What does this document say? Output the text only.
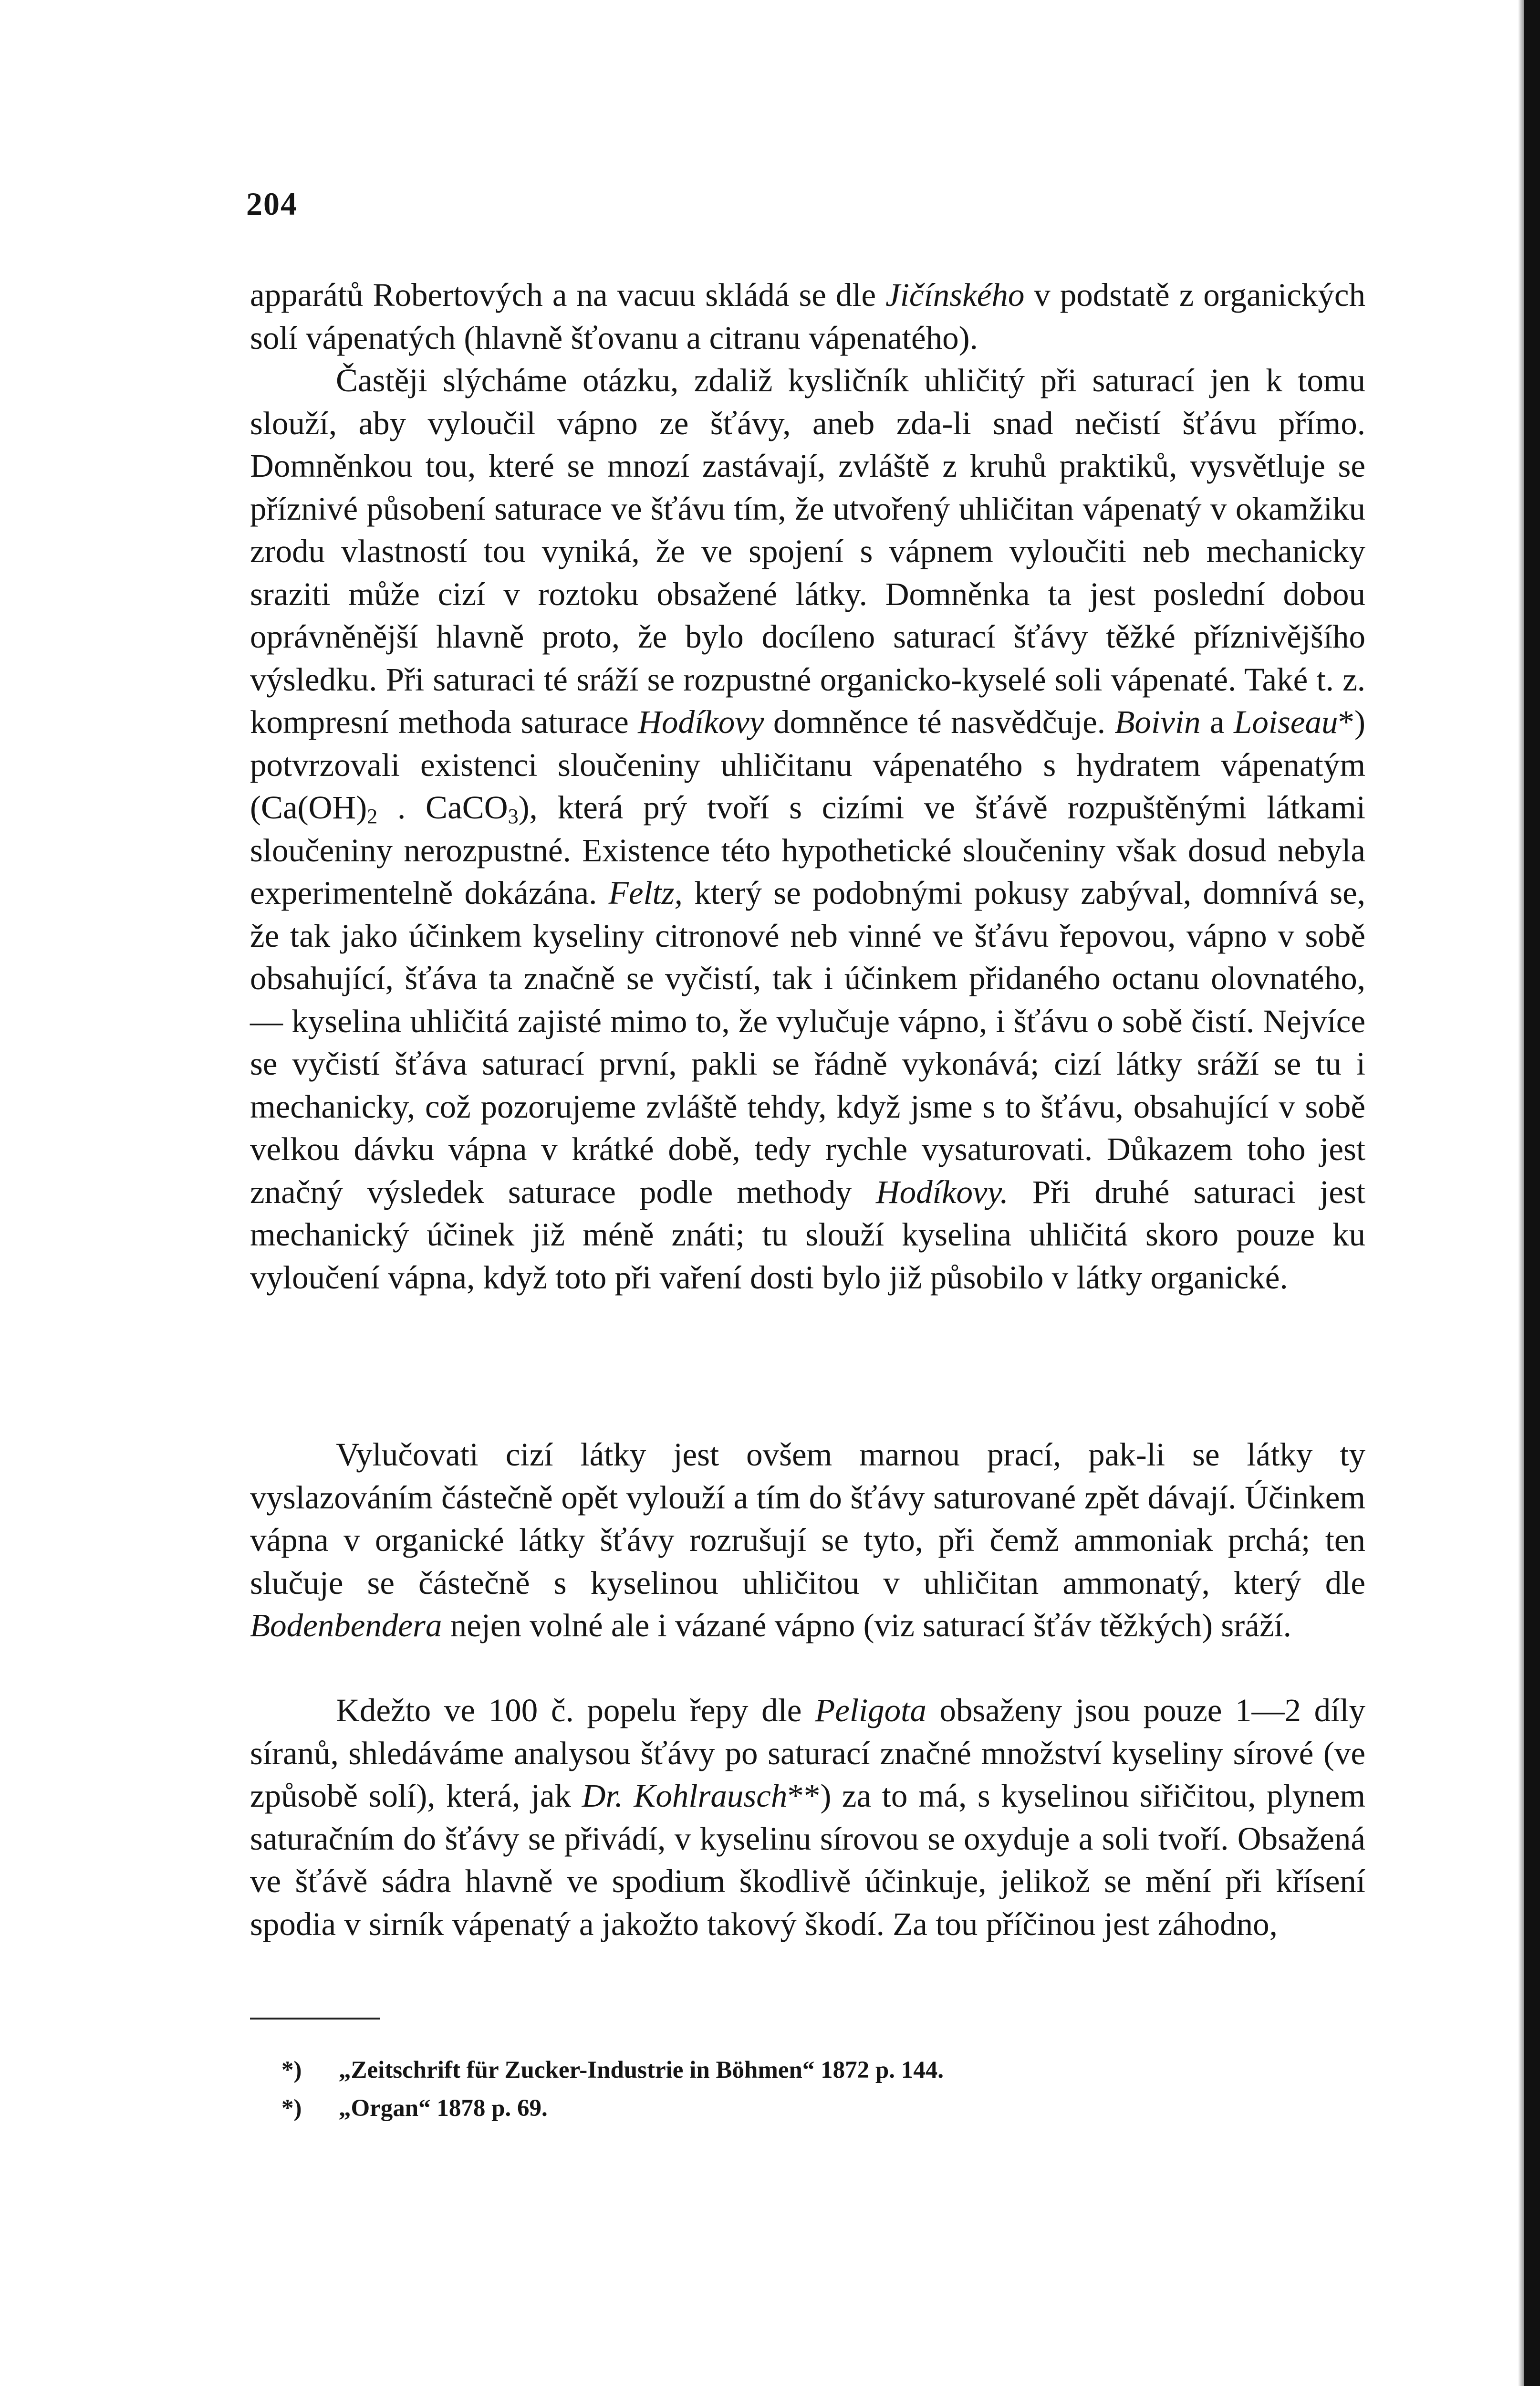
204

apparátů Robertových a na vacuu skládá se dle Jičínského v podstatě z organických solí vápenatých (hlavně šťovanu a citranu vápenatého).

Častěji slýcháme otázku, zdaliž kysličník uhličitý při saturací jen k tomu slouží, aby vyloučil vápno ze šťávy, aneb zda-li snad nečistí šťávu přímo. Domněnkou tou, které se mnozí zastávají, zvláště z kruhů praktiků, vysvětluje se příznivé působení saturace ve šťávu tím, že utvořený uhličitan vápenatý v okamžiku zrodu vlastností tou vyniká, že ve spojení s vápnem vyloučiti neb mechanicky sraziti může cizí v roztoku obsažené látky. Domněnka ta jest poslední dobou oprávněnější hlavně proto, že bylo docíleno saturací šťávy těžké příznivějšího výsledku. Při saturaci té sráží se rozpustné organicko-kyselé soli vápenaté. Také t. z. kompresní methoda saturace Hodíkovy domněnce té nasvědčuje. Boivin a Loiseau*) potvrzovali existenci sloučeniny uhličitanu vápenatého s hydratem vápenatým ($Ca(OH)_2$ . CaCO$_3$), která prý tvoří s cizími ve šťávě rozpuštěnými látkami sloučeniny nerozpustné. Existence této hypothetické sloučeniny však dosud nebyla experimentelně dokázána. Feltz, který se podobnými pokusy zabýval, domnívá se, že tak jako účinkem kyseliny citronové neb vinné ve šťávu řepovou, vápno v sobě obsahující, šťáva ta značně se vyčistí, tak i účinkem přidaného octanu olovnatého, — kyselina uhličitá zajisté mimo to, že vylučuje vápno, i šťávu o sobě čistí. Nejvíce se vyčistí šťáva saturací první, pakli se řádně vykonává; cizí látky sráží se tu i mechanicky, což pozorujeme zvláště tehdy, když jsme s to šťávu, obsahující v sobě velkou dávku vápna v krátké době, tedy rychle vysaturovati. Důkazem toho jest značný výsledek saturace podle methody Hodíkovy. Při druhé saturaci jest mechanický účinek již méně znáti; tu slouží kyselina uhličitá skoro pouze ku vyloučení vápna, když toto při vaření dosti bylo již působilo v látky organické.

Vylučovati cizí látky jest ovšem marnou prací, pak-li se látky ty vyslazováním částečně opět vylouží a tím do šťávy saturované zpět dávají. Účinkem vápna v organické látky šťávy rozrušují se tyto, při čemž ammoniak prchá; ten slučuje se částečně s kyselinou uhličitou v uhličitan ammonatý, který dle Bodenbendera nejen volné ale i vázané vápno (viz saturací šťáv těžkých) sráží.

Kdežto ve 100 č. popelu řepy dle Peligota obsaženy jsou pouze 1—2 díly síranů, shledáváme analysou šťávy po saturací značné množství kyseliny sírové (ve způsobě solí), která, jak Dr. Kohlrausch**) za to má, s kyselinou siřičitou, plynem saturačním do šťávy se přivádí, v kyselinu sírovou se oxyduje a soli tvoří. Obsažená ve šťávě sádra hlavně ve spodium škodlivě účinkuje, jelikož se mění při křísení spodia v sirník vápenatý a jakožto takový škodí. Za tou příčinou jest záhodno,

*) „Zeitschrift für Zucker-Industrie in Böhmen“ 1872 p. 144.
*) „Organ“ 1878 p. 69.
